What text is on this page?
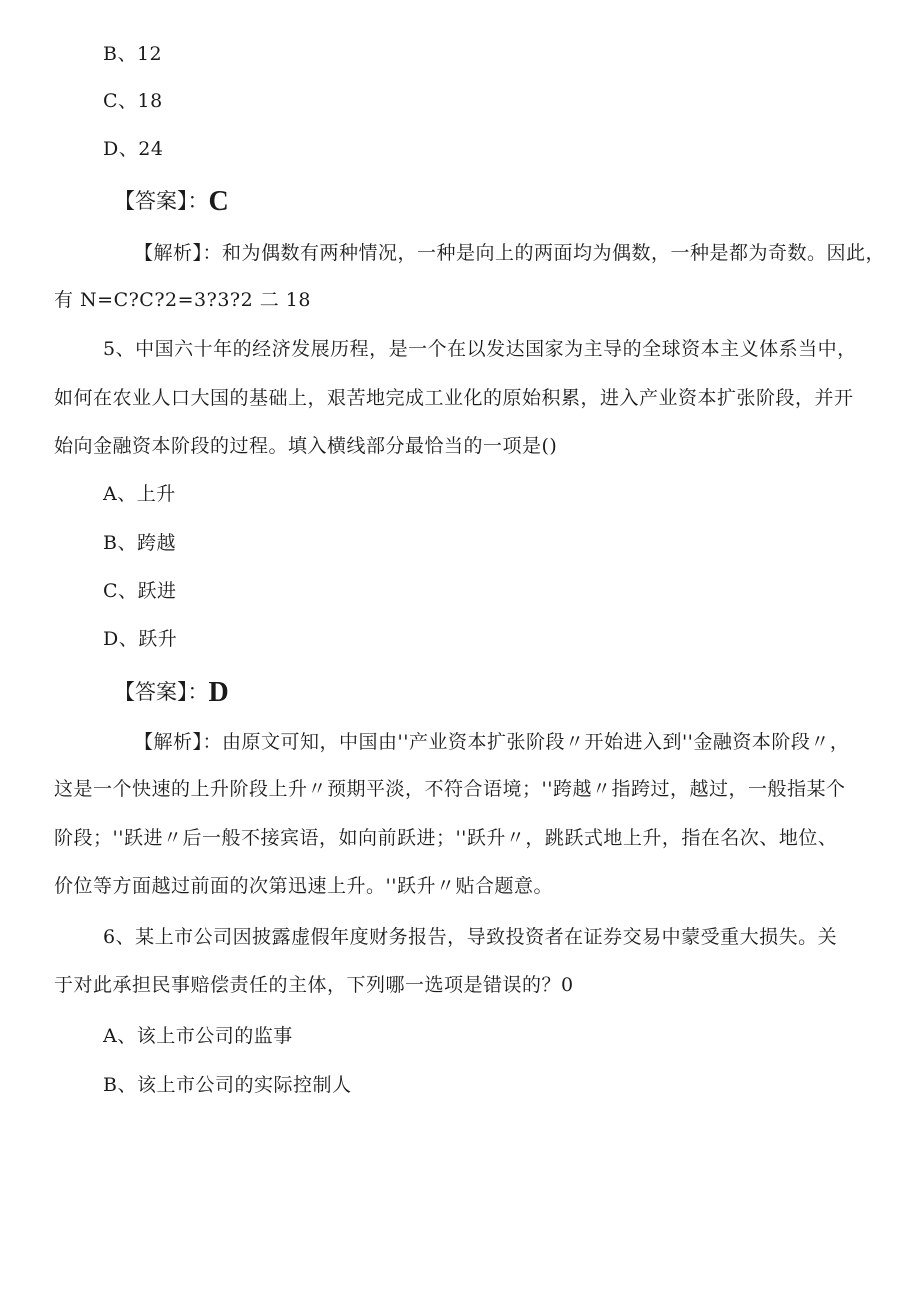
B、12
C、18
D、24
【答案】：C
【解析】：和为偶数有两种情况，一种是向上的两面均为偶数，一种是都为奇数。因此，
有 N=C?C?2=3?3?2 二 18
5、中国六十年的经济发展历程，是一个在以发达国家为主导的全球资本主义体系当中，
如何在农业人口大国的基础上，艰苦地完成工业化的原始积累，进入产业资本扩张阶段，并开
始向金融资本阶段的过程。填入横线部分最恰当的一项是()
A、上升
B、跨越
C、跃进
D、跃升
【答案】：D
【解析】：由原文可知，中国由''产业资本扩张阶段〃开始进入到''金融资本阶段〃，
这是一个快速的上升阶段上升〃预期平淡，不符合语境；''跨越〃指跨过，越过，一般指某个
阶段；''跃进〃后一般不接宾语，如向前跃进；''跃升〃，跳跃式地上升，指在名次、地位、
价位等方面越过前面的次第迅速上升。''跃升〃贴合题意。
6、某上市公司因披露虚假年度财务报告，导致投资者在证券交易中蒙受重大损失。关
于对此承担民事赔偿责任的主体，下列哪一选项是错误的？0
A、该上市公司的监事
B、该上市公司的实际控制人
